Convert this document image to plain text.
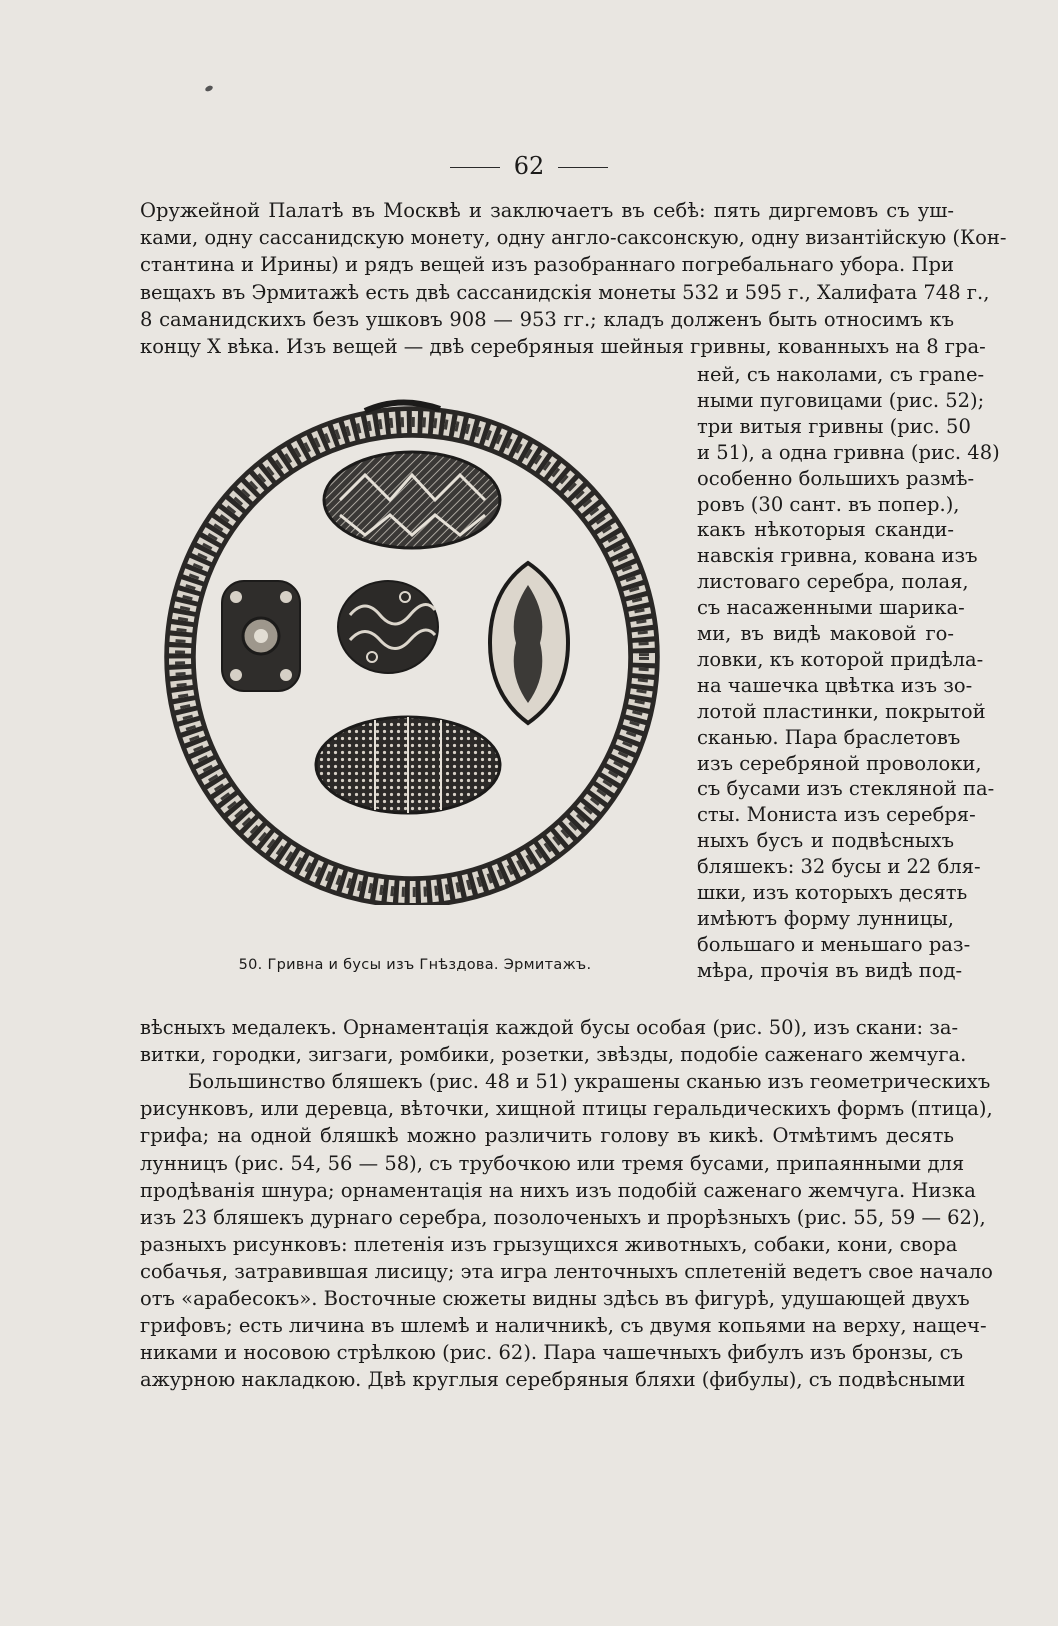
62
Оружейной Палатѣ въ Москвѣ и заключаетъ въ себѣ: пять диргемовъ съ уш-
ками, одну сассанидскую монету, одну англо-саксонскую, одну византійскую (Кон-
стантина и Ирины) и рядъ вещей изъ разобраннаго погребальнаго убора. При
вещахъ въ Эрмитажѣ есть двѣ сассанидскія монеты 532 и 595 г., Халифата 748 г.,
8 саманидскихъ безъ ушковъ 908 — 953 гг.; кладъ долженъ быть относимъ къ
концу X вѣка. Изъ вещей — двѣ серебряныя шейныя гривны, кованныхъ на 8 гра-
50. Гривна и бусы изъ Гнѣздова. Эрмитажъ.
ней, съ наколами, съ грane-
ными пуговицами (рис. 52);
три витыя гривны (рис. 50
и 51), а одна гривна (рис. 48)
особенно большихъ размѣ-
ровъ (30 сант. въ попер.),
какъ нѣкоторыя сканди-
навскія гривна, кована изъ
листоваго серебра, полая,
съ насаженными шарика-
ми, въ видѣ маковой го-
ловки, къ которой придѣла-
на чашечка цвѣтка изъ зо-
лотой пластинки, покрытой
сканью. Пара браслетовъ
изъ серебряной проволоки,
съ бусами изъ стекляной па-
сты. Мониста изъ серебря-
ныхъ бусъ и подвѣсныхъ
бляшекъ: 32 бусы и 22 бля-
шки, изъ которыхъ десять
имѣютъ форму лунницы,
большаго и меньшаго раз-
мѣра, прочія въ видѣ под-
вѣсныхъ медалекъ. Орнаментація каждой бусы особая (рис. 50), изъ скани: за-
витки, городки, зигзаги, ромбики, розетки, звѣзды, подобіе саженаго жемчуга.
Большинство бляшекъ (рис. 48 и 51) украшены сканью изъ геометрическихъ
рисунковъ, или деревца, вѣточки, хищной птицы геральдическихъ формъ (птица),
грифа; на одной бляшкѣ можно различить голову въ кикѣ. Отмѣтимъ десять
лунницъ (рис. 54, 56 — 58), съ трубочкою или тремя бусами, припаянными для
продѣванія шнура; орнаментація на нихъ изъ подобій саженаго жемчуга. Низка
изъ 23 бляшекъ дурнаго серебра, позолоченыхъ и прорѣзныхъ (рис. 55, 59 — 62),
разныхъ рисунковъ: плетенія изъ грызущихся животныхъ, собаки, кони, свора
собачья, затравившая лисицу; эта игра ленточныхъ сплетеній ведетъ свое начало
отъ «арабесокъ». Восточные сюжеты видны здѣсь въ фигурѣ, удушающей двухъ
грифовъ; есть личина въ шлемѣ и наличникѣ, съ двумя копьями на верху, нащеч-
никами и носовою стрѣлкою (рис. 62). Пара чашечныхъ фибулъ изъ бронзы, съ
ажурною накладкою. Двѣ круглыя серебряныя бляхи (фибулы), съ подвѣсными
